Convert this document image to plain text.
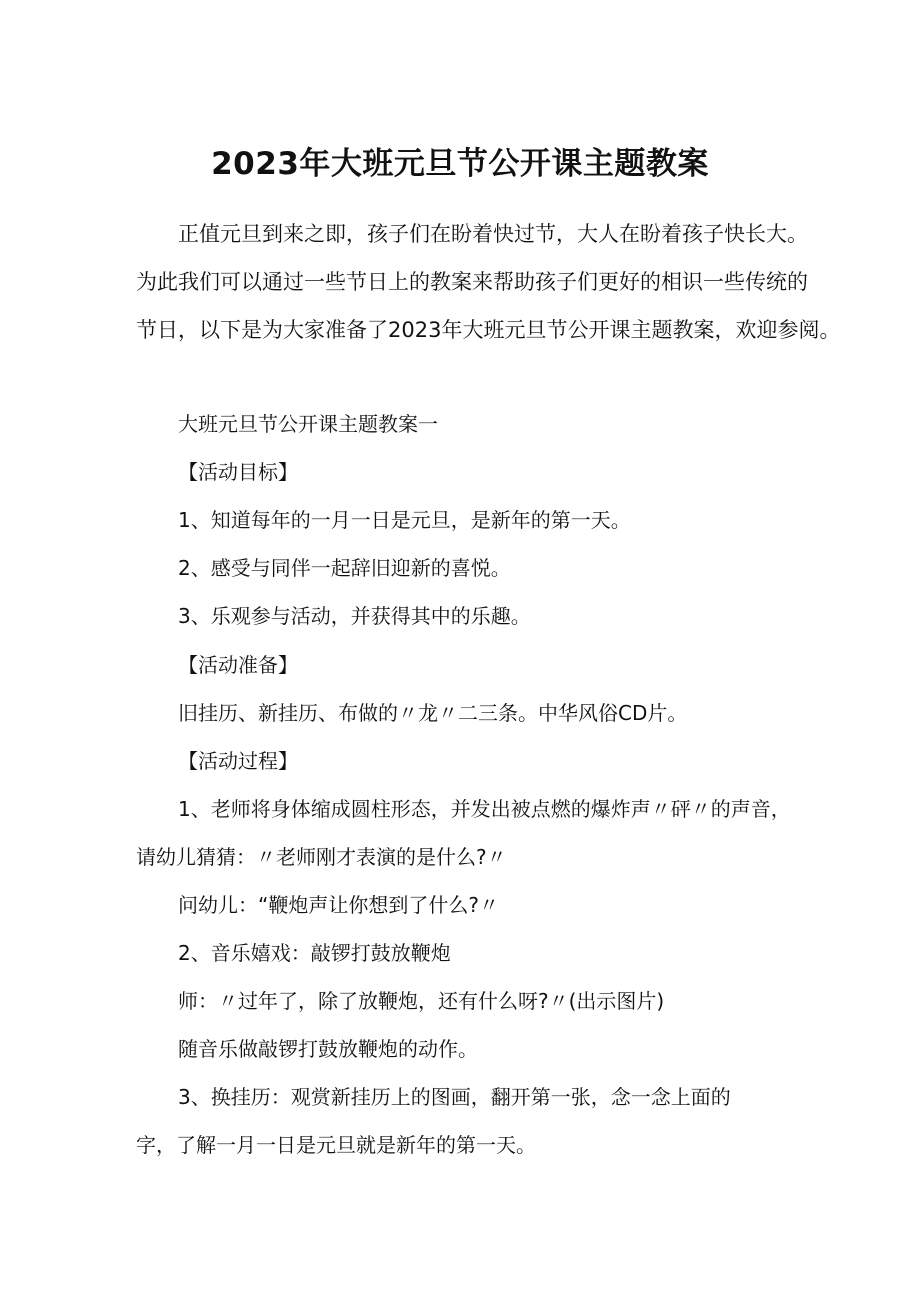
2023年大班元旦节公开课主题教案
正值元旦到来之即，孩子们在盼着快过节，大人在盼着孩子快长大。
为此我们可以通过一些节日上的教案来帮助孩子们更好的相识一些传统的
节日，以下是为大家准备了2023年大班元旦节公开课主题教案，欢迎参阅。
大班元旦节公开课主题教案一
【活动目标】
1、知道每年的一月一日是元旦，是新年的第一天。
2、感受与同伴一起辞旧迎新的喜悦。
3、乐观参与活动，并获得其中的乐趣。
【活动准备】
旧挂历、新挂历、布做的〃龙〃二三条。中华风俗CD片。
【活动过程】
1、老师将身体缩成圆柱形态，并发出被点燃的爆炸声〃砰〃的声音，
请幼儿猜猜：〃老师刚才表演的是什么?〃
问幼儿：“鞭炮声让你想到了什么?〃
2、音乐嬉戏：敲锣打鼓放鞭炮
师：〃过年了，除了放鞭炮，还有什么呀?〃(出示图片)
随音乐做敲锣打鼓放鞭炮的动作。
3、换挂历：观赏新挂历上的图画，翻开第一张，念一念上面的
字，了解一月一日是元旦就是新年的第一天。
